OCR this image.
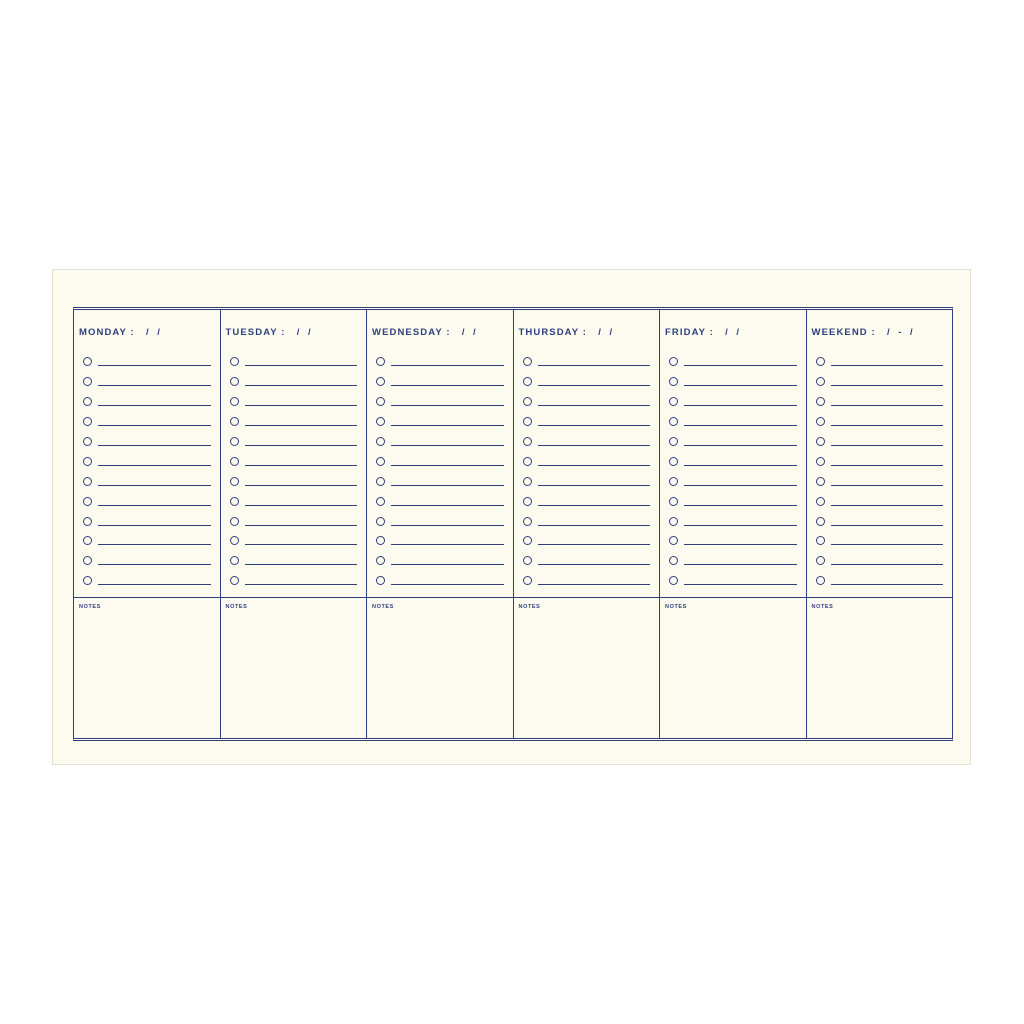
MONDAY :   /  /
NOTES
TUESDAY :   /  /
NOTES
WEDNESDAY :   /  /
NOTES
THURSDAY :   /  /
NOTES
FRIDAY :   /  /
NOTES
WEEKEND :   /  -  /
NOTES
